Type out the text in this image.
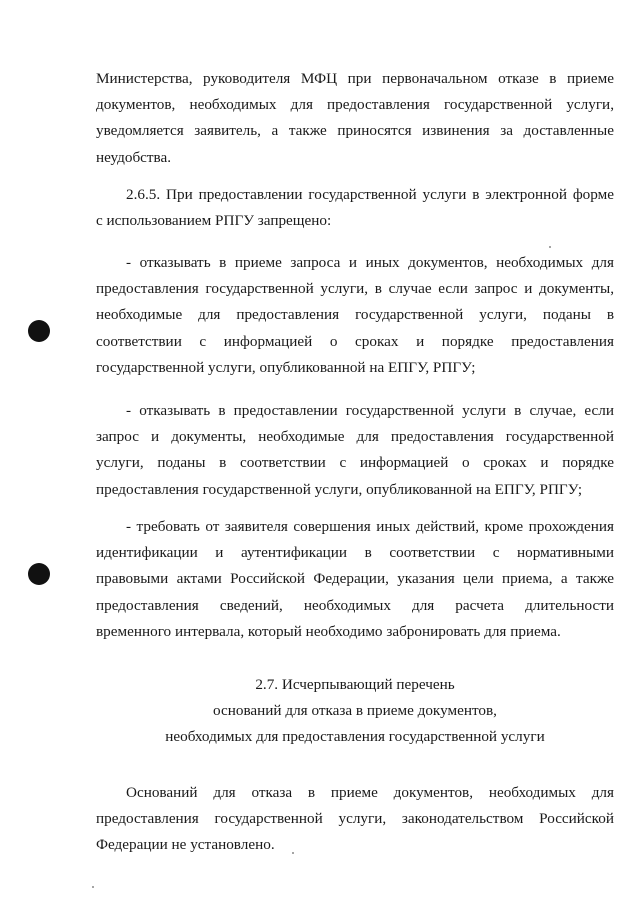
Министерства, руководителя МФЦ при первоначальном отказе в приеме
документов, необходимых для предоставления государственной услуги,
уведомляется заявитель, а также приносятся извинения за доставленные
неудобства.
2.6.5. При предоставлении государственной услуги в электронной форме
с использованием РПГУ запрещено:
- отказывать в приеме запроса и иных документов, необходимых для
предоставления государственной услуги, в случае если запрос и документы,
необходимые для предоставления государственной услуги, поданы в
соответствии с информацией о сроках и порядке предоставления
государственной услуги, опубликованной на ЕПГУ, РПГУ;
- отказывать в предоставлении государственной услуги в случае, если
запрос и документы, необходимые для предоставления государственной
услуги, поданы в соответствии с информацией о сроках и порядке
предоставления государственной услуги, опубликованной на ЕПГУ, РПГУ;
- требовать от заявителя совершения иных действий, кроме прохождения
идентификации и аутентификации в соответствии с нормативными
правовыми актами Российской Федерации, указания цели приема, а также
предоставления сведений, необходимых для расчета длительности
временного интервала, который необходимо забронировать для приема.
2.7. Исчерпывающий перечень
оснований для отказа в приеме документов,
необходимых для предоставления государственной услуги
Оснований для отказа в приеме документов, необходимых для
предоставления государственной услуги, законодательством Российской
Федерации не установлено.
